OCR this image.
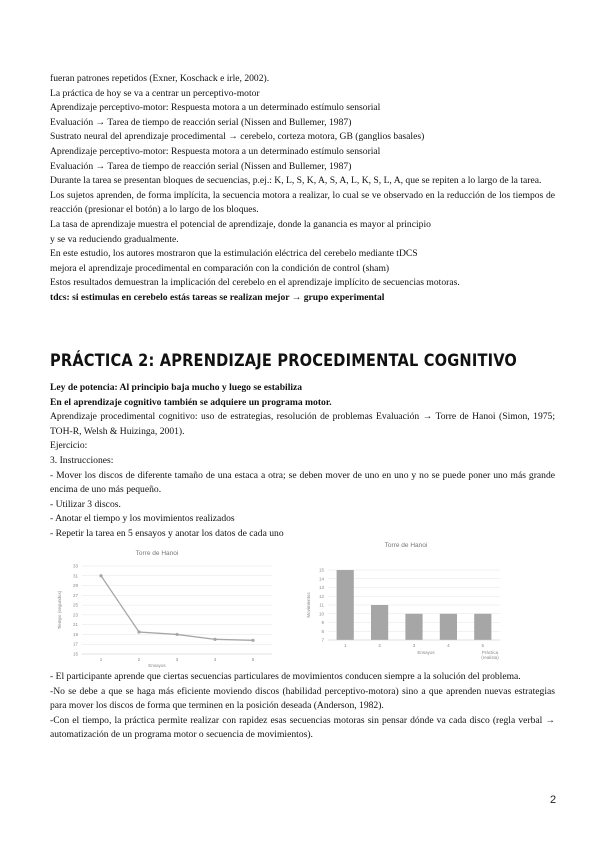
fueran patrones repetidos (Exner, Koschack e irle, 2002).

La práctica de hoy se va a centrar un perceptivo-motor

Aprendizaje perceptivo-motor: Respuesta motora a un determinado estímulo sensorial

Evaluación → Tarea de tiempo de reacción serial (Nissen and Bullemer, 1987)

Sustrato neural del aprendizaje procedimental → cerebelo, corteza motora, GB (ganglios basales)

Aprendizaje perceptivo-motor: Respuesta motora a un determinado estímulo sensorial

Evaluación → Tarea de tiempo de reacción serial (Nissen and Bullemer, 1987)

Durante la tarea se presentan bloques de secuencias, p.ej.: K, L, S, K, A, S, A, L, K, S, L, A, que se repiten a lo largo de la tarea.

Los sujetos aprenden, de forma implícita, la secuencia motora a realizar, lo cual se ve observado en la reducción de los tiempos de reacción (presionar el botón) a lo largo de los bloques.

La tasa de aprendizaje muestra el potencial de aprendizaje, donde la ganancia es mayor al principio

y se va reduciendo gradualmente.

En este estudio, los autores mostraron que la estimulación eléctrica del cerebelo mediante tDCS

mejora el aprendizaje procedimental en comparación con la condición de control (sham)

Estos resultados demuestran la implicación del cerebelo en el aprendizaje implícito de secuencias motoras.

tdcs: si estimulas en cerebelo estás tareas se realizan mejor → grupo experimental

PRÁCTICA 2: APRENDIZAJE PROCEDIMENTAL COGNITIVO

Ley de potencia: Al principio baja mucho y luego se estabiliza

En el aprendizaje cognitivo también se adquiere un programa motor.

Aprendizaje procedimental cognitivo: uso de estrategias, resolución de problemas Evaluación → Torre de Hanoi (Simon, 1975; TOH-R, Welsh & Huizinga, 2001).

Ejercicio:

3. Instrucciones:

- Mover los discos de diferente tamaño de una estaca a otra; se deben mover de uno en uno y no se puede poner uno más grande encima de uno más pequeño.

- Utilizar 3 discos.

- Anotar el tiempo y los movimientos realizados

- Repetir la tarea en 5 ensayos y anotar los datos de cada uno

Torre de Hanoi
15
17
19
21
23
25
27
29
31
33
1	2	3	4	5
Ensayos
Tiempo (segundos)
Torre de Hanoi
7
8
9
10
11
12
13
14
15
1	2	3	4	5
Ensayos
Movimientos
Práctica
(realista)

- El participante aprende que ciertas secuencias particulares de movimientos conducen siempre a la solución del problema.

-No se debe a que se haga más eficiente moviendo discos (habilidad perceptivo-motora) sino a que aprenden nuevas estrategias para mover los discos de forma que terminen en la posición deseada (Anderson, 1982).

-Con el tiempo, la práctica permite realizar con rapidez esas secuencias motoras sin pensar dónde va cada disco (regla verbal → automatización de un programa motor o secuencia de movimientos).

2
